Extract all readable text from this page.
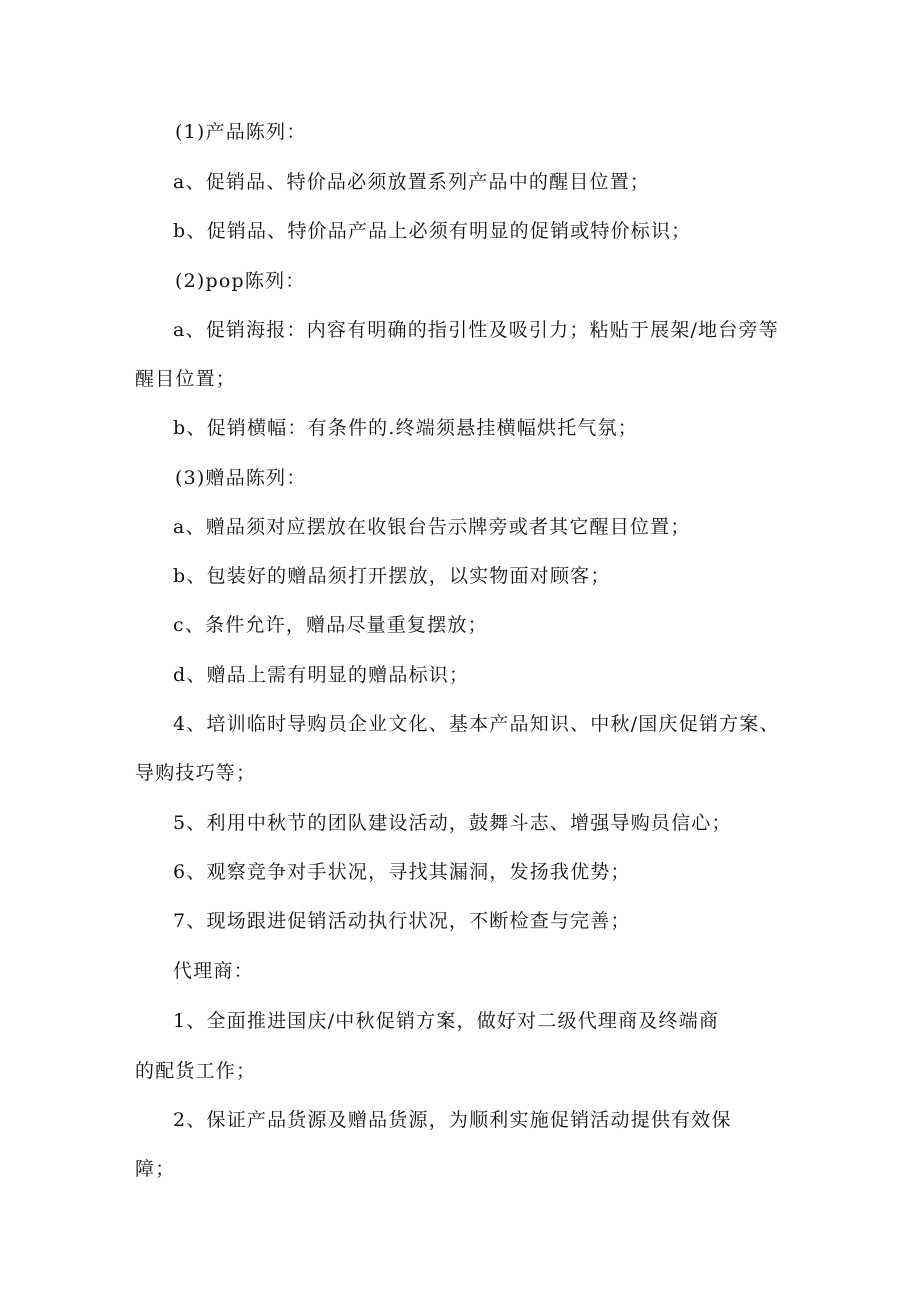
(1)产品陈列：
a、促销品、特价品必须放置系列产品中的醒目位置；
b、促销品、特价品产品上必须有明显的促销或特价标识；
(2)pop陈列：
a、促销海报：内容有明确的指引性及吸引力；粘贴于展架/地台旁等
醒目位置；
b、促销横幅：有条件的.终端须悬挂横幅烘托气氛；
(3)赠品陈列：
a、赠品须对应摆放在收银台告示牌旁或者其它醒目位置；
b、包装好的赠品须打开摆放，以实物面对顾客；
c、条件允许，赠品尽量重复摆放；
d、赠品上需有明显的赠品标识；
4、培训临时导购员企业文化、基本产品知识、中秋/国庆促销方案、
导购技巧等；
5、利用中秋节的团队建设活动，鼓舞斗志、增强导购员信心；
6、观察竞争对手状况，寻找其漏洞，发扬我优势；
7、现场跟进促销活动执行状况，不断检查与完善；
代理商：
1、全面推进国庆/中秋促销方案，做好对二级代理商及终端商
的配货工作；
2、保证产品货源及赠品货源，为顺利实施促销活动提供有效保
障；
